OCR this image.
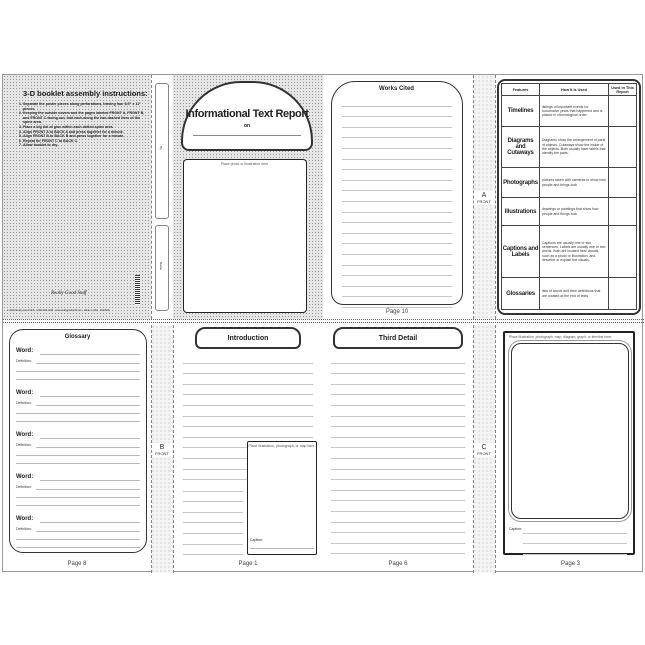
3-D booklet assembly instructions:
1. Separate the poster pieces along perforations, leaving four 8.5" x 11" pieces.
2. Keeping the outside covers and the pages labeled FRONT A, FRONT B, and FRONT C facing out, fold each along the two dashed lines of the spine area.
3. Place a big dot of glue within each dotted spine area.
4. Align FRONT A to BACK A and press together for a minute.
5. Align FRONT B to BACK B and press together for a minute.
6. Repeat for FRONT C to BACK C.
7. Allow booklet to dry.
Really Good Stuff
© 2015 Really Good Stuff · 1-800-366-1920 · www.reallygoodstuff.com · Made in USA · #160508
By
Name
Informational Text Report
on
Place photo or illustration here.
Works Cited
Page 10
A
FRONT
Features	How It Is Used	Used in This Report
Timelines	listings of important events for successive years that happened and is placed in chronological order	
Diagrams and Cutaways	Diagrams show the arrangement of parts of objects. Cutaways show the inside of the objects. Both usually have labels that identify the parts.	
Photographs	pictures taken with cameras to show new people and things look	
Illustrations	drawings or paintings that show how people and things look	
Captions and Labels	Captions are usually one or two sentences. Labels are usually one or two words. Both are located near visuals, such as a photo or illustration, and describe or explain the visuals.	
Glossaries	lists of words and their definitions that are located at the end of texts	
Glossary
Word:
Definition:
Word:
Definition:
Word:
Definition:
Word:
Definition:
Word:
Definition:
Page 8
B
FRONT
Introduction
Place illustration, photograph, or map here.
Caption:
Page 1
Third Detail
Page 6
C
FRONT
Place illustration, photograph, map, diagram, graph, or timeline here.
Caption:
Page 3
